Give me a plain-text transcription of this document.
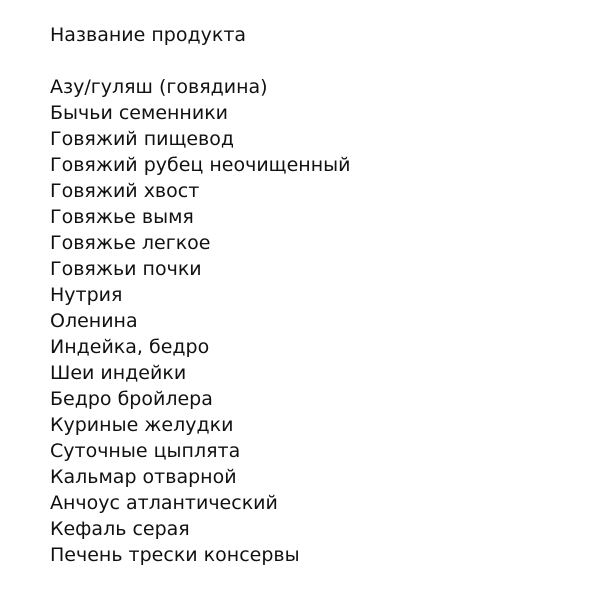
Название продукта
Азу/гуляш (говядина)
Бычьи семенники
Говяжий пищевод
Говяжий рубец неочищенный
Говяжий хвост
Говяжье вымя
Говяжье легкое
Говяжьи почки
Нутрия
Оленина
Индейка, бедро
Шеи индейки
Бедро бройлера
Куриные желудки
Суточные цыплята
Кальмар отварной
Анчоус атлантический
Кефаль серая
Печень трески консервы
